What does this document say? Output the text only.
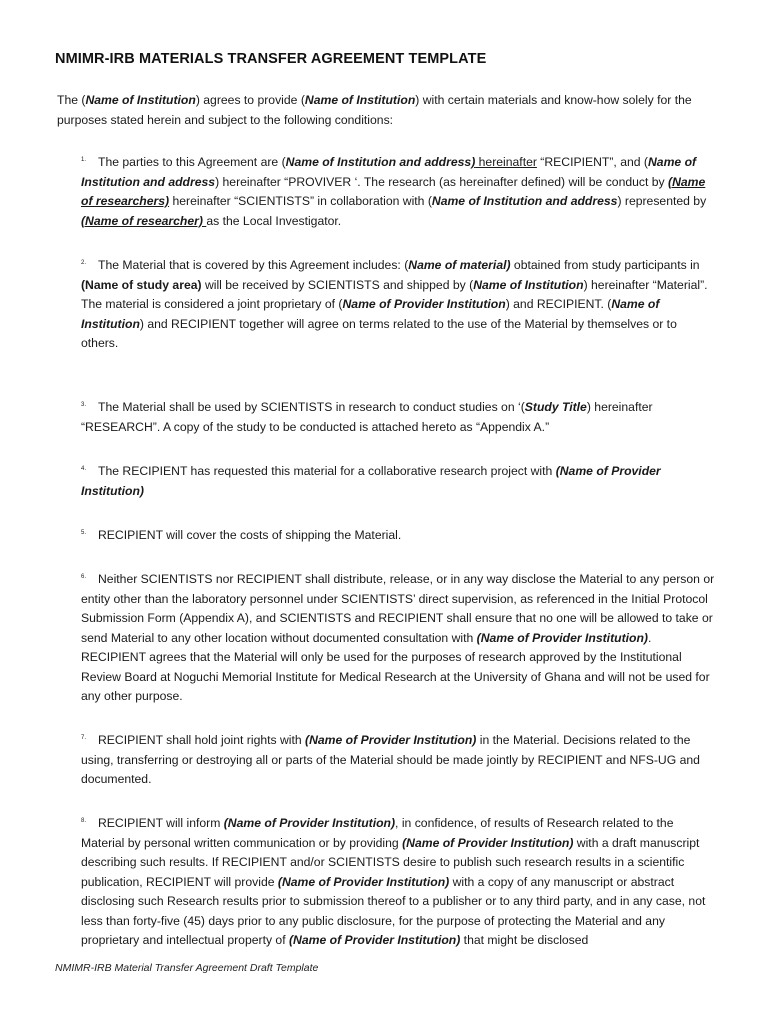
NMIMR-IRB MATERIALS TRANSFER AGREEMENT TEMPLATE
The (Name of Institution) agrees to provide (Name of Institution) with certain materials and know-how solely for the purposes stated herein and subject to the following conditions:
$^{1.}$ The parties to this Agreement are (Name of Institution and address) hereinafter “RECIPIENT”, and (Name of Institution and address) hereinafter “PROVIVER ‘. The research (as hereinafter defined) will be conduct by (Name of researchers) hereinafter “SCIENTISTS” in collaboration with (Name of Institution and address) represented by (Name of researcher) as the Local Investigator.
$^{2.}$ The Material that is covered by this Agreement includes: (Name of material) obtained from study participants in
(Name of study area) will be received by SCIENTISTS and shipped by (Name of Institution) hereinafter “Material”. The material is considered a joint proprietary of (Name of Provider Institution) and RECIPIENT. (Name of Institution) and RECIPIENT together will agree on terms related to the use of the Material by themselves or to others.
$^{3.}$ The Material shall be used by SCIENTISTS in research to conduct studies on ‘(Study Title) hereinafter “RESEARCH”. A copy of the study to be conducted is attached hereto as “Appendix A.”
$^{4.}$ The RECIPIENT has requested this material for a collaborative research project with (Name of Provider Institution)
$^{5.}$ RECIPIENT will cover the costs of shipping the Material.
$^{6.}$ Neither SCIENTISTS nor RECIPIENT shall distribute, release, or in any way disclose the Material to any person or entity other than the laboratory personnel under SCIENTISTS’ direct supervision, as referenced in the Initial Protocol Submission Form (Appendix A), and SCIENTISTS and RECIPIENT shall ensure that no one will be allowed to take or send Material to any other location without documented consultation with (Name of Provider Institution). RECIPIENT agrees that the Material will only be used for the purposes of research approved by the Institutional Review Board at Noguchi Memorial Institute for Medical Research at the University of Ghana and will not be used for any other purpose.
$^{7.}$ RECIPIENT shall hold joint rights with (Name of Provider Institution) in the Material. Decisions related to the using, transferring or destroying all or parts of the Material should be made jointly by RECIPIENT and NFS-UG and documented.
$^{8.}$ RECIPIENT will inform (Name of Provider Institution), in confidence, of results of Research related to the Material by personal written communication or by providing (Name of Provider Institution) with a draft manuscript describing such results. If RECIPIENT and/or SCIENTISTS desire to publish such research results in a scientific publication, RECIPIENT will provide (Name of Provider Institution) with a copy of any manuscript or abstract disclosing such Research results prior to submission thereof to a publisher or to any third party, and in any case, not less than forty-five (45) days prior to any public disclosure, for the purpose of protecting the Material and any proprietary and intellectual property of (Name of Provider Institution) that might be disclosed
NMIMR-IRB Material Transfer Agreement Draft Template
